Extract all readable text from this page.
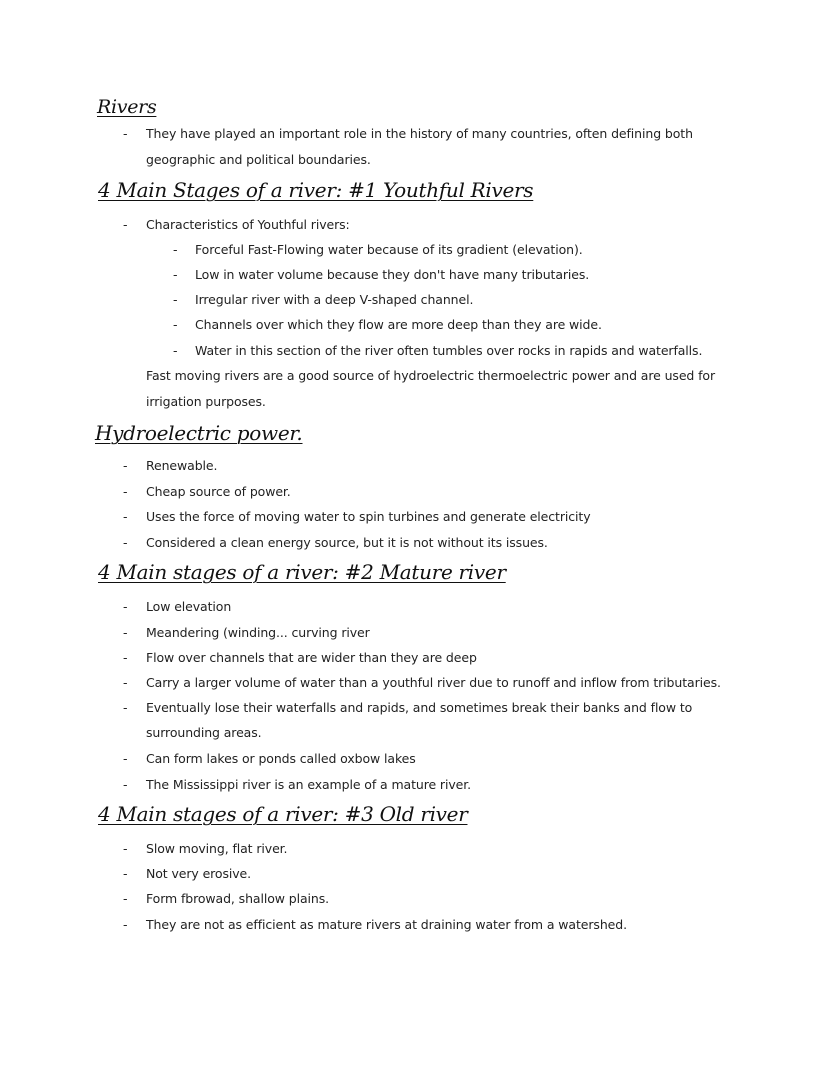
Rivers
- They have played an important role in the history of many countries, often defining both
geographic and political boundaries.
4 Main Stages of a river: #1 Youthful Rivers
- Characteristics of Youthful rivers:
- Forceful Fast-Flowing water because of its gradient (elevation).
- Low in water volume because they don't have many tributaries.
- Irregular river with a deep V-shaped channel.
- Channels over which they flow are more deep than they are wide.
- Water in this section of the river often tumbles over rocks in rapids and waterfalls.
Fast moving rivers are a good source of hydroelectric thermoelectric power and are used for
irrigation purposes.
Hydroelectric power.
- Renewable.
- Cheap source of power.
- Uses the force of moving water to spin turbines and generate electricity
- Considered a clean energy source, but it is not without its issues.
4 Main stages of a river: #2 Mature river
- Low elevation
- Meandering (winding... curving river
- Flow over channels that are wider than they are deep
- Carry a larger volume of water than a youthful river due to runoff and inflow from tributaries.
- Eventually lose their waterfalls and rapids, and sometimes break their banks and flow to
surrounding areas.
- Can form lakes or ponds called oxbow lakes
- The Mississippi river is an example of a mature river.
4 Main stages of a river: #3 Old river
- Slow moving, flat river.
- Not very erosive.
- Form fbrowad, shallow plains.
- They are not as efficient as mature rivers at draining water from a watershed.
